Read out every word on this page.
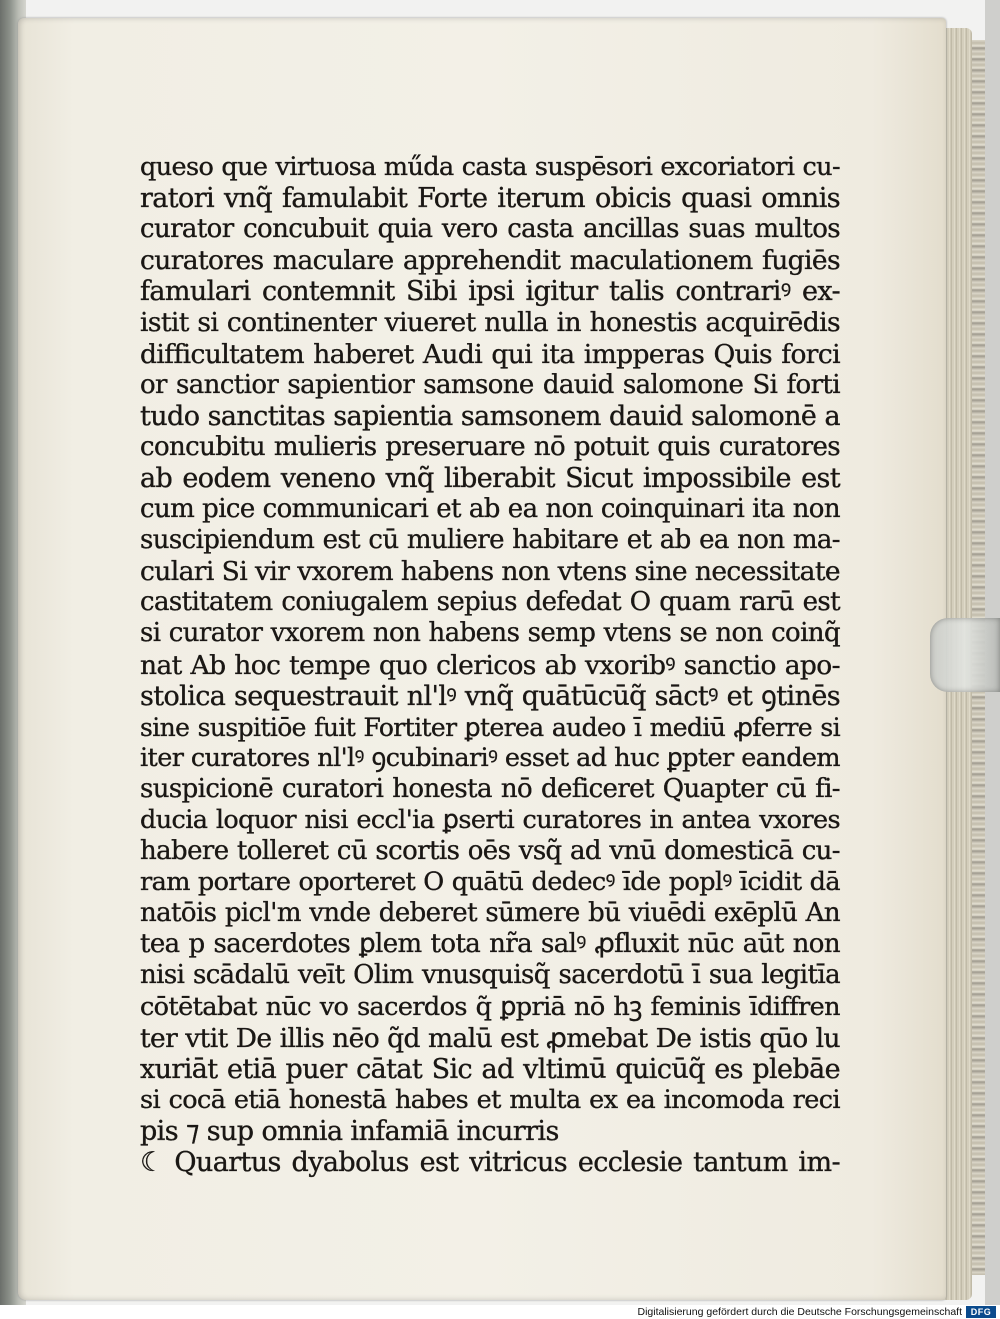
queso que virtuosa műda casta suspēsori excoriatori cu-
ratori vnq̃ famulabit Forte iterum obicis quasi omnis
curator concubuit quia vero casta ancillas suas multos
curatores maculare apprehendit maculationem fugiēs
famulari contemnit Sibi ipsi igitur talis contrariꝰ ex-
istit si continenter viueret nulla in honestis acquirēdis
difficultatem haberet Audi qui ita impperas Quis forci
or sanctior sapientior samsone dauid salomone Si forti
tudo sanctitas sapientia samsonem dauid salomonē a
concubitu mulieris preseruare nō potuit quis curatores
ab eodem veneno vnq̃ liberabit Sicut impossibile est
cum pice communicari et ab ea non coinquinari ita non
suscipiendum est cū muliere habitare et ab ea non ma-
culari Si vir vxorem habens non vtens sine necessitate
castitatem coniugalem sepius defedat O quam rarū est
si curator vxorem non habens semp vtens se non coinq̃
nat Ab hoc tempe quo clericos ab vxoribꝰ sanctio apo-
stolica sequestrauit nl'lꝰ vnq̃ quātūcūq̃ sāctꝰ et ꝯtinēs
sine suspitiōe fuit Fortiter ꝑterea audeo ī mediū ꝓferre si
iter curatores nl'lꝰ ꝯcubinariꝰ esset ad huc ꝑpter eandem
suspicionē curatori honesta nō deficeret Quapter cū fi-
ducia loquor nisi eccl'ia ꝑserti curatores in antea vxores
habere tolleret cū scortis oēs vsq̃ ad vnū domesticā cu-
ram portare oporteret O quātū dedecꝰ īde poplꝰ īcidit dā
natōis picl'm vnde deberet sūmere bū viuēdi exēplū An
tea p sacerdotes ꝑlem tota nr̃a salꝰ ꝓfluxit nūc aūt non
nisi scādalū veīt Olim vnusquisq̃ sacerdotū ī sua legitīa
cōtētabat nūc vo sacerdos q̃ ꝑpriā nō hꝫ feminis īdiffren
ter vtit De illis nēo q̃d malū est ꝓmebat De istis qūo lu
xuriāt etiā puer cātat Sic ad vltimū quicūq̃ es plebāe
si cocā etiā honestā habes et multa ex ea incomoda reci
pis ⁊ sup omnia infamiā incurris
☾ Quartus dyabolus est vitricus ecclesie tantum im-
Digitalisierung gefördert durch die Deutsche Forschungsgemeinschaft DFG
